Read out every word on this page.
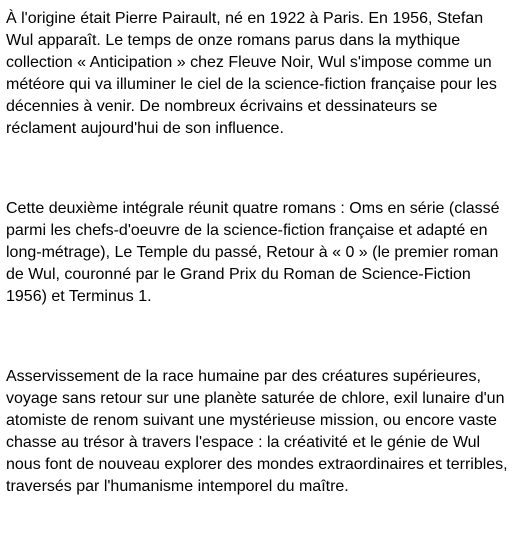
À l'origine était Pierre Pairault, né en 1922 à Paris. En 1956, Stefan Wul apparaît. Le temps de onze romans parus dans la mythique collection « Anticipation » chez Fleuve Noir, Wul s'impose comme un météore qui va illuminer le ciel de la science-fiction française pour les décennies à venir. De nombreux écrivains et dessinateurs se réclament aujourd'hui de son influence.

Cette deuxième intégrale réunit quatre romans : Oms en série (classé parmi les chefs-d'oeuvre de la science-fiction française et adapté en long-métrage), Le Temple du passé, Retour à « 0 » (le premier roman de Wul, couronné par le Grand Prix du Roman de Science-Fiction 1956) et Terminus 1.

Asservissement de la race humaine par des créatures supérieures, voyage sans retour sur une planète saturée de chlore, exil lunaire d'un atomiste de renom suivant une mystérieuse mission, ou encore vaste chasse au trésor à travers l'espace : la créativité et le génie de Wul nous font de nouveau explorer des mondes extraordinaires et terribles, traversés par l'humanisme intemporel du maître.
